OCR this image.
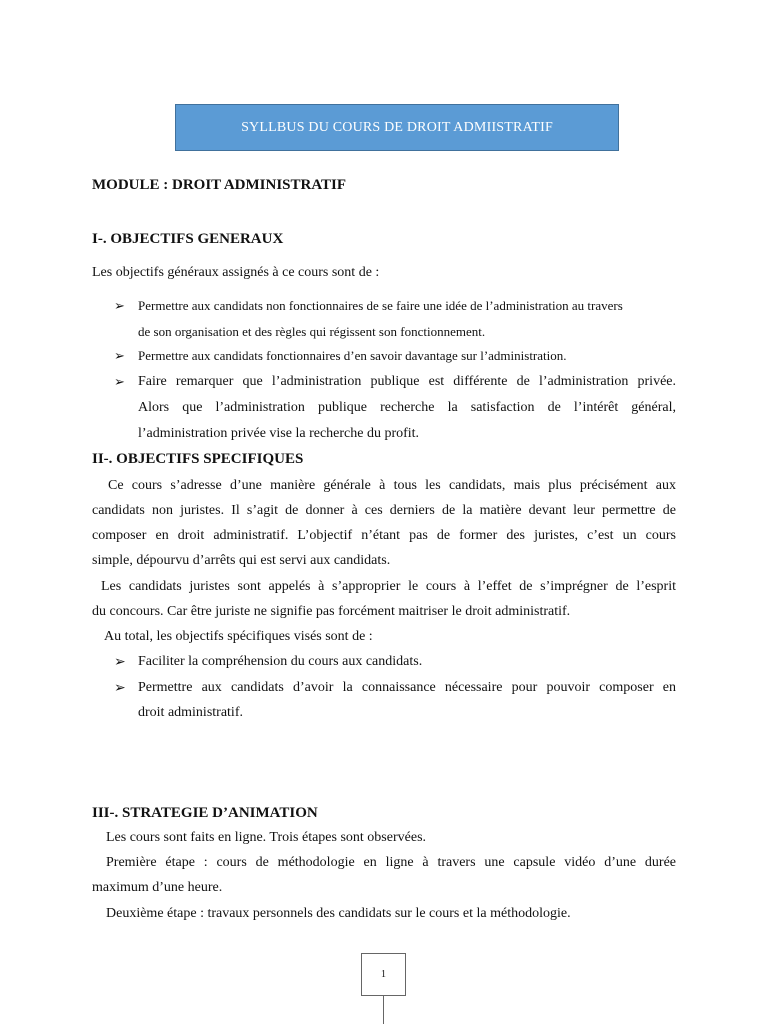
SYLLBUS DU COURS DE DROIT ADMIISTRATIF
MODULE : DROIT ADMINISTRATIF
I-. OBJECTIFS GENERAUX
Les objectifs généraux assignés à ce cours sont de :
➢ Permettre aux candidats non fonctionnaires de se faire une idée de l’administration au travers
de son organisation et des règles qui régissent son fonctionnement.
➢ Permettre aux candidats fonctionnaires d’en savoir davantage sur l’administration.
➢ Faire remarquer que l’administration publique est différente de l’administration privée.
Alors que l’administration publique recherche la satisfaction de l’intérêt général,
l’administration privée vise la recherche du profit.
II-. OBJECTIFS SPECIFIQUES
Ce cours s’adresse d’une manière générale à tous les candidats, mais plus précisément aux
candidats non juristes. Il s’agit de donner à ces derniers de la matière devant leur permettre de
composer en droit administratif. L’objectif n’étant pas de former des juristes, c’est un cours
simple, dépourvu d’arrêts qui est servi aux candidats.
Les candidats juristes sont appelés à s’approprier le cours à l’effet de s’imprégner de l’esprit
du concours. Car être juriste ne signifie pas forcément maitriser le droit administratif.
Au total, les objectifs spécifiques visés sont de :
➢ Faciliter la compréhension du cours aux candidats.
➢ Permettre aux candidats d’avoir la connaissance nécessaire pour pouvoir composer en
droit administratif.
III-. STRATEGIE D’ANIMATION
Les cours sont faits en ligne. Trois étapes sont observées.
Première étape : cours de méthodologie en ligne à travers une capsule vidéo d’une durée
maximum d’une heure.
Deuxième étape : travaux personnels des candidats sur le cours et la méthodologie.
1
